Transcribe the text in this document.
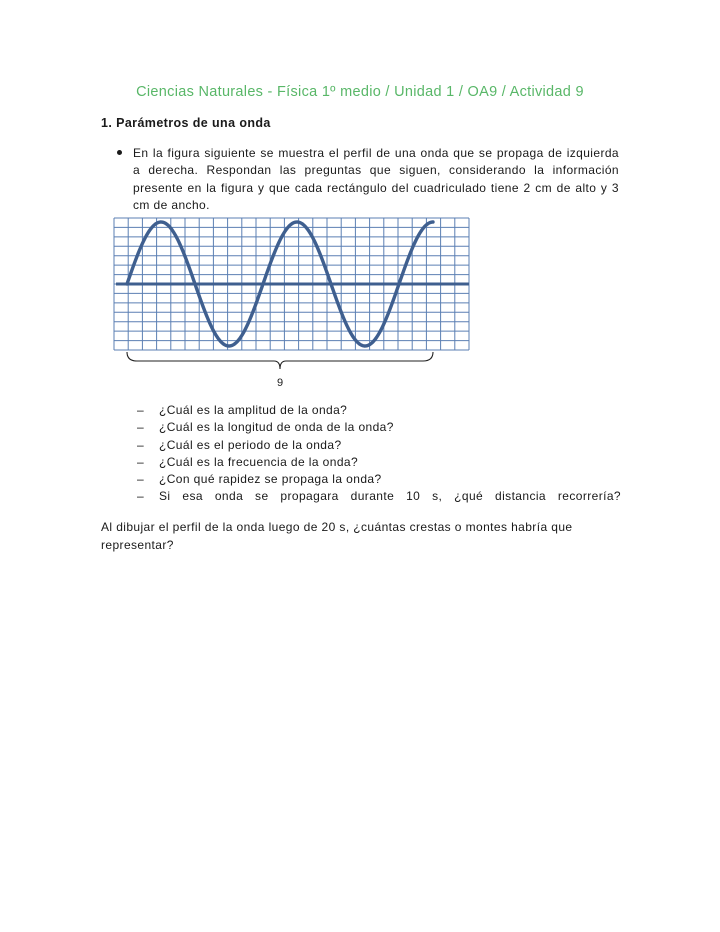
Ciencias Naturales - Física 1º medio / Unidad 1 / OA9 / Actividad 9
1. Parámetros de una onda
En la figura siguiente se muestra el perfil de una onda que se propaga de izquierda a derecha. Respondan las preguntas que siguen, considerando la información presente en la figura y que cada rectángulo del cuadriculado tiene 2 cm de alto y 3 cm de ancho.
9
– ¿Cuál es la amplitud de la onda?
– ¿Cuál es la longitud de onda de la onda?
– ¿Cuál es el periodo de la onda?
– ¿Cuál es la frecuencia de la onda?
– ¿Con qué rapidez se propaga la onda?
– Si esa onda se propagara durante 10 s, ¿qué distancia recorrería?
Al dibujar el perfil de la onda luego de 20 s, ¿cuántas crestas o montes habría que representar?
